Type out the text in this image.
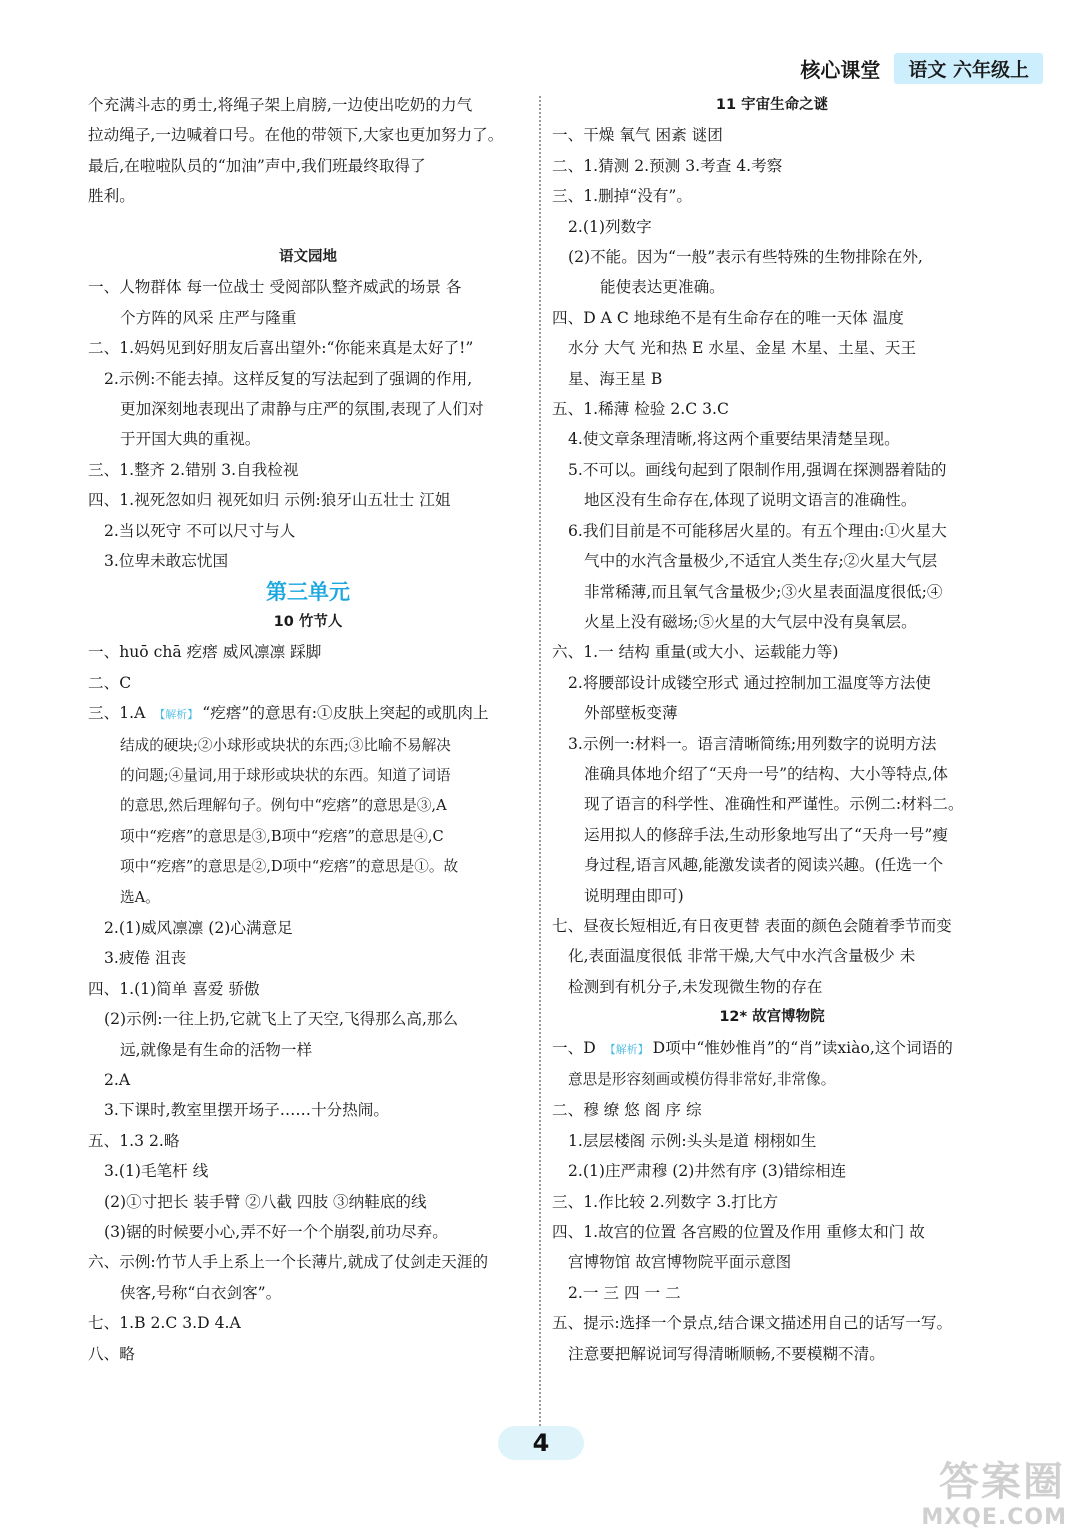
核心课堂	语文 六年级上
个充满斗志的勇士,将绳子架上肩膀,一边使出吃奶的力气
拉动绳子,一边喊着口号。在他的带领下,大家也更加努力了。
最后,在啦啦队员的“加油”声中,我们班最终取得了
胜利。

语文园地
一、人物群体 每一位战士 受阅部队整齐威武的场景 各
个方阵的风采 庄严与隆重
二、1.妈妈见到好朋友后喜出望外:“你能来真是太好了!”
2.示例:不能去掉。这样反复的写法起到了强调的作用,
更加深刻地表现出了肃静与庄严的氛围,表现了人们对
于开国大典的重视。
三、1.整齐 2.错别 3.自我检视
四、1.视死忽如归 视死如归 示例:狼牙山五壮士 江姐
2.当以死守 不可以尺寸与人
3.位卑未敢忘忧国
第三单元
10 竹节人
一、huō chā 疙瘩 威风凛凛 踩脚
二、C
三、1.A 【解析】 “疙瘩”的意思有:①皮肤上突起的或肌肉上
结成的硬块;②小球形或块状的东西;③比喻不易解决
的问题;④量词,用于球形或块状的东西。知道了词语
的意思,然后理解句子。例句中“疙瘩”的意思是③,A
项中“疙瘩”的意思是③,B项中“疙瘩”的意思是④,C
项中“疙瘩”的意思是②,D项中“疙瘩”的意思是①。故
选A。
2.(1)威风凛凛 (2)心满意足
3.疲倦 沮丧
四、1.(1)简单 喜爱 骄傲
(2)示例:一往上扔,它就飞上了天空,飞得那么高,那么
远,就像是有生命的活物一样
2.A
3.下课时,教室里摆开场子……十分热闹。
五、1.3 2.略
3.(1)毛笔杆 线
(2)①寸把长 装手臂 ②八截 四肢 ③纳鞋底的线
(3)锯的时候要小心,弄不好一个个崩裂,前功尽弃。
六、示例:竹节人手上系上一个长薄片,就成了仗剑走天涯的
侠客,号称“白衣剑客”。
七、1.B 2.C 3.D 4.A
八、略
11 宇宙生命之谜
一、干燥 氧气 困紊 谜团
二、1.猜测 2.预测 3.考查 4.考察
三、1.删掉“没有”。
2.(1)列数字
(2)不能。因为“一般”表示有些特殊的生物排除在外,
能使表达更准确。
四、D A C 地球绝不是有生命存在的唯一天体 温度
水分 大气 光和热 E 水星、金星 木星、土星、天王
星、海王星 B
五、1.稀薄 检验 2.C 3.C
4.使文章条理清晰,将这两个重要结果清楚呈现。
5.不可以。画线句起到了限制作用,强调在探测器着陆的
地区没有生命存在,体现了说明文语言的准确性。
6.我们目前是不可能移居火星的。有五个理由:①火星大
气中的水汽含量极少,不适宜人类生存;②火星大气层
非常稀薄,而且氧气含量极少;③火星表面温度很低;④
火星上没有磁场;⑤火星的大气层中没有臭氧层。
六、1.一 结构 重量(或大小、运载能力等)
2.将腰部设计成镂空形式 通过控制加工温度等方法使
外部壁板变薄
3.示例一:材料一。语言清晰简练;用列数字的说明方法
准确具体地介绍了“天舟一号”的结构、大小等特点,体
现了语言的科学性、准确性和严谨性。示例二:材料二。
运用拟人的修辞手法,生动形象地写出了“天舟一号”瘦
身过程,语言风趣,能激发读者的阅读兴趣。(任选一个
说明理由即可)
七、昼夜长短相近,有日夜更替 表面的颜色会随着季节而变
化,表面温度很低 非常干燥,大气中水汽含量极少 未
检测到有机分子,未发现微生物的存在
12* 故宫博物院
一、D 【解析】 D项中“惟妙惟肖”的“肖”读xiào,这个词语的
意思是形容刻画或模仿得非常好,非常像。
二、穆 缭 悠 阁 序 综
1.层层楼阁 示例:头头是道 栩栩如生
2.(1)庄严肃穆 (2)井然有序 (3)错综相连
三、1.作比较 2.列数字 3.打比方
四、1.故宫的位置 各宫殿的位置及作用 重修太和门 故
宫博物馆 故宫博物院平面示意图
2.一 三 四 一 二
五、提示:选择一个景点,结合课文描述用自己的话写一写。
注意要把解说词写得清晰顺畅,不要模糊不清。
4
答案圈
MXQE.COM
